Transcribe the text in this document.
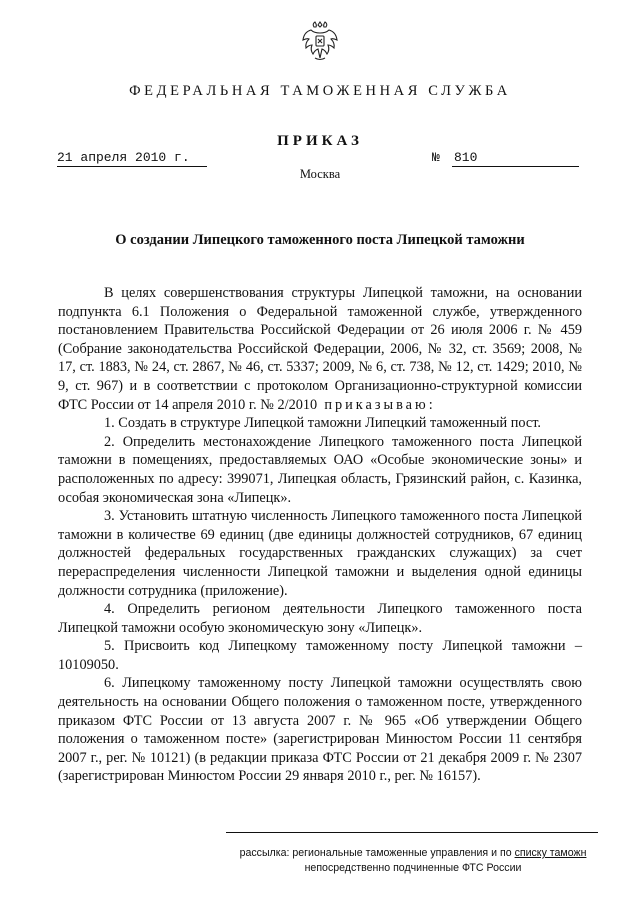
ФЕДЕРАЛЬНАЯ ТАМОЖЕННАЯ СЛУЖБА
ПРИКАЗ
21 апреля 2010 г.	№ 810
Москва
О создании Липецкого таможенного поста Липецкой таможни

В целях совершенствования структуры Липецкой таможни, на основании подпункта 6.1 Положения о Федеральной таможенной службе, утвержденного постановлением Правительства Российской Федерации от 26 июля 2006 г. № 459 (Собрание законодательства Российской Федерации, 2006, № 32, ст. 3569; 2008, № 17, ст. 1883, № 24, ст. 2867, № 46, ст. 5337; 2009, № 6, ст. 738, № 12, ст. 1429; 2010, № 9, ст. 967) и в соответствии с протоколом Организационно-структурной комиссии ФТС России от 14 апреля 2010 г. № 2/2010 приказываю:

1. Создать в структуре Липецкой таможни Липецкий таможенный пост.

2. Определить местонахождение Липецкого таможенного поста Липецкой таможни в помещениях, предоставляемых ОАО «Особые экономические зоны» и расположенных по адресу: 399071, Липецкая область, Грязинский район, с. Казинка, особая экономическая зона «Липецк».

3. Установить штатную численность Липецкого таможенного поста Липецкой таможни в количестве 69 единиц (две единицы должностей сотрудников, 67 единиц должностей федеральных государственных гражданских служащих) за счет перераспределения численности Липецкой таможни и выделения одной единицы должности сотрудника (приложение).

4. Определить регионом деятельности Липецкого таможенного поста Липецкой таможни особую экономическую зону «Липецк».

5. Присвоить код Липецкому таможенному посту Липецкой таможни – 10109050.

6. Липецкому таможенному посту Липецкой таможни осуществлять свою деятельность на основании Общего положения о таможенном посте, утвержденного приказом ФТС России от 13 августа 2007 г. № 965 «Об утверждении Общего положения о таможенном посте» (зарегистрирован Минюстом России 11 сентября 2007 г., рег. № 10121) (в редакции приказа ФТС России от 21 декабря 2009 г. № 2307 (зарегистрирован Минюстом России 29 января 2010 г., рег. № 16157).

рассылка: региональные таможенные управления и по списку таможн
непосредственно подчиненные ФТС России
